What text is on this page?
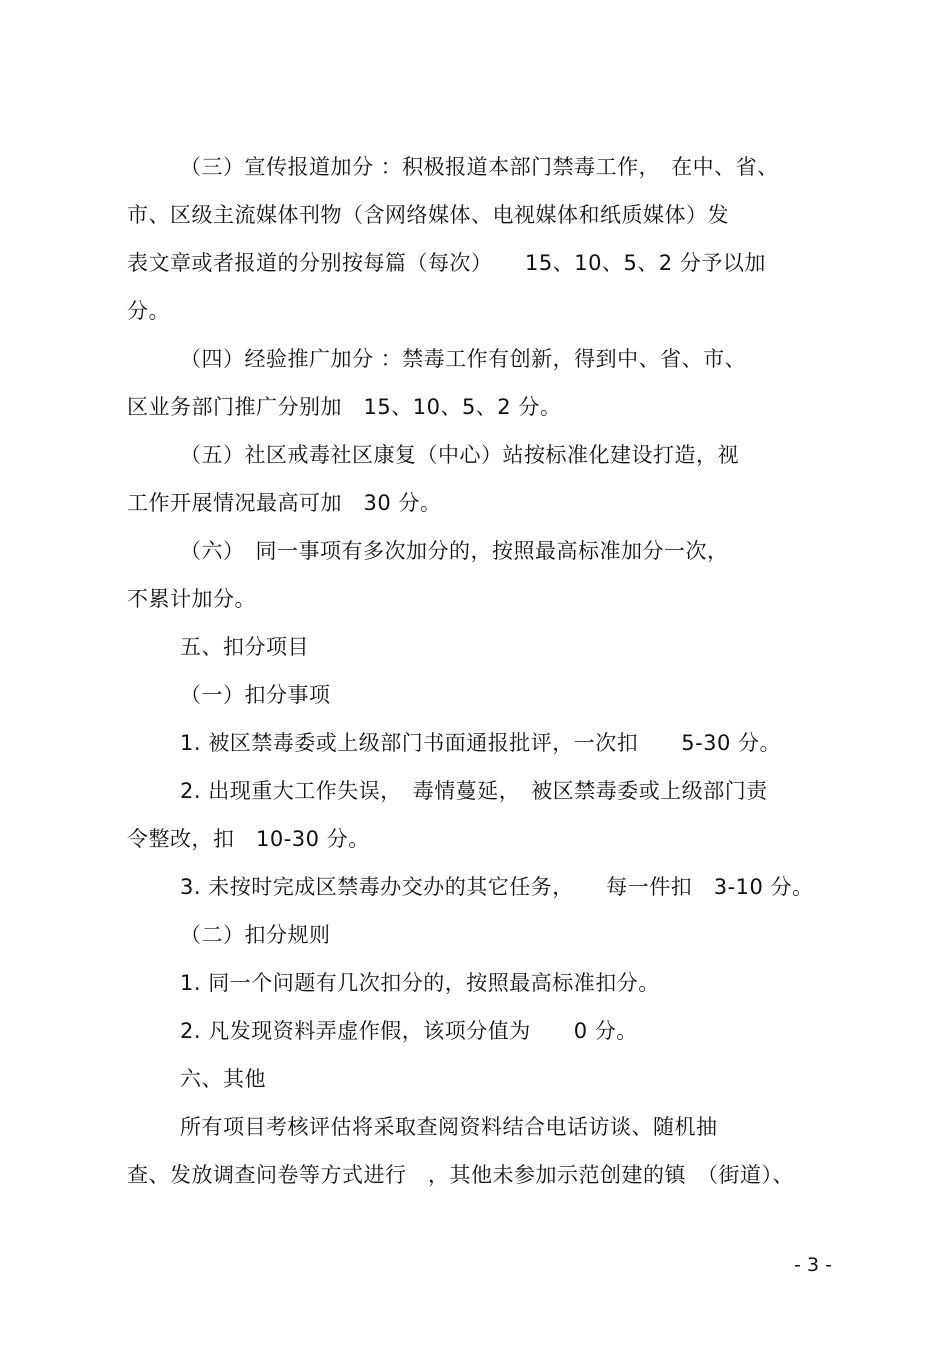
（三）宣传报道加分 ：积极报道本部门禁毒工作，　在中、省、
市、区级主流媒体刊物（含网络媒体、电视媒体和纸质媒体）发
表文章或者报道的分别按每篇（每次）　　15、10、5、2 分予以加
分。
（四）经验推广加分 ：禁毒工作有创新，得到中、省、市、
区业务部门推广分别加　15、10、5、2 分。
（五）社区戒毒社区康复（中心）站按标准化建设打造，视
工作开展情况最高可加　30 分。
（六）　同一事项有多次加分的，按照最高标准加分一次，
不累计加分。
五、扣分项目
（一）扣分事项
1. 被区禁毒委或上级部门书面通报批评，一次扣　　5-30 分。
2. 出现重大工作失误，　毒情蔓延，　被区禁毒委或上级部门责
令整改，扣　10-30 分。
3. 未按时完成区禁毒办交办的其它任务，　　每一件扣　3-10 分。
（二）扣分规则
1. 同一个问题有几次扣分的，按照最高标准扣分。
2. 凡发现资料弄虚作假，该项分值为　　0 分。
六、其他
所有项目考核评估将采取查阅资料结合电话访谈、随机抽
查、发放调查问卷等方式进行　，其他未参加示范创建的镇　（街道）、
- 3 -
